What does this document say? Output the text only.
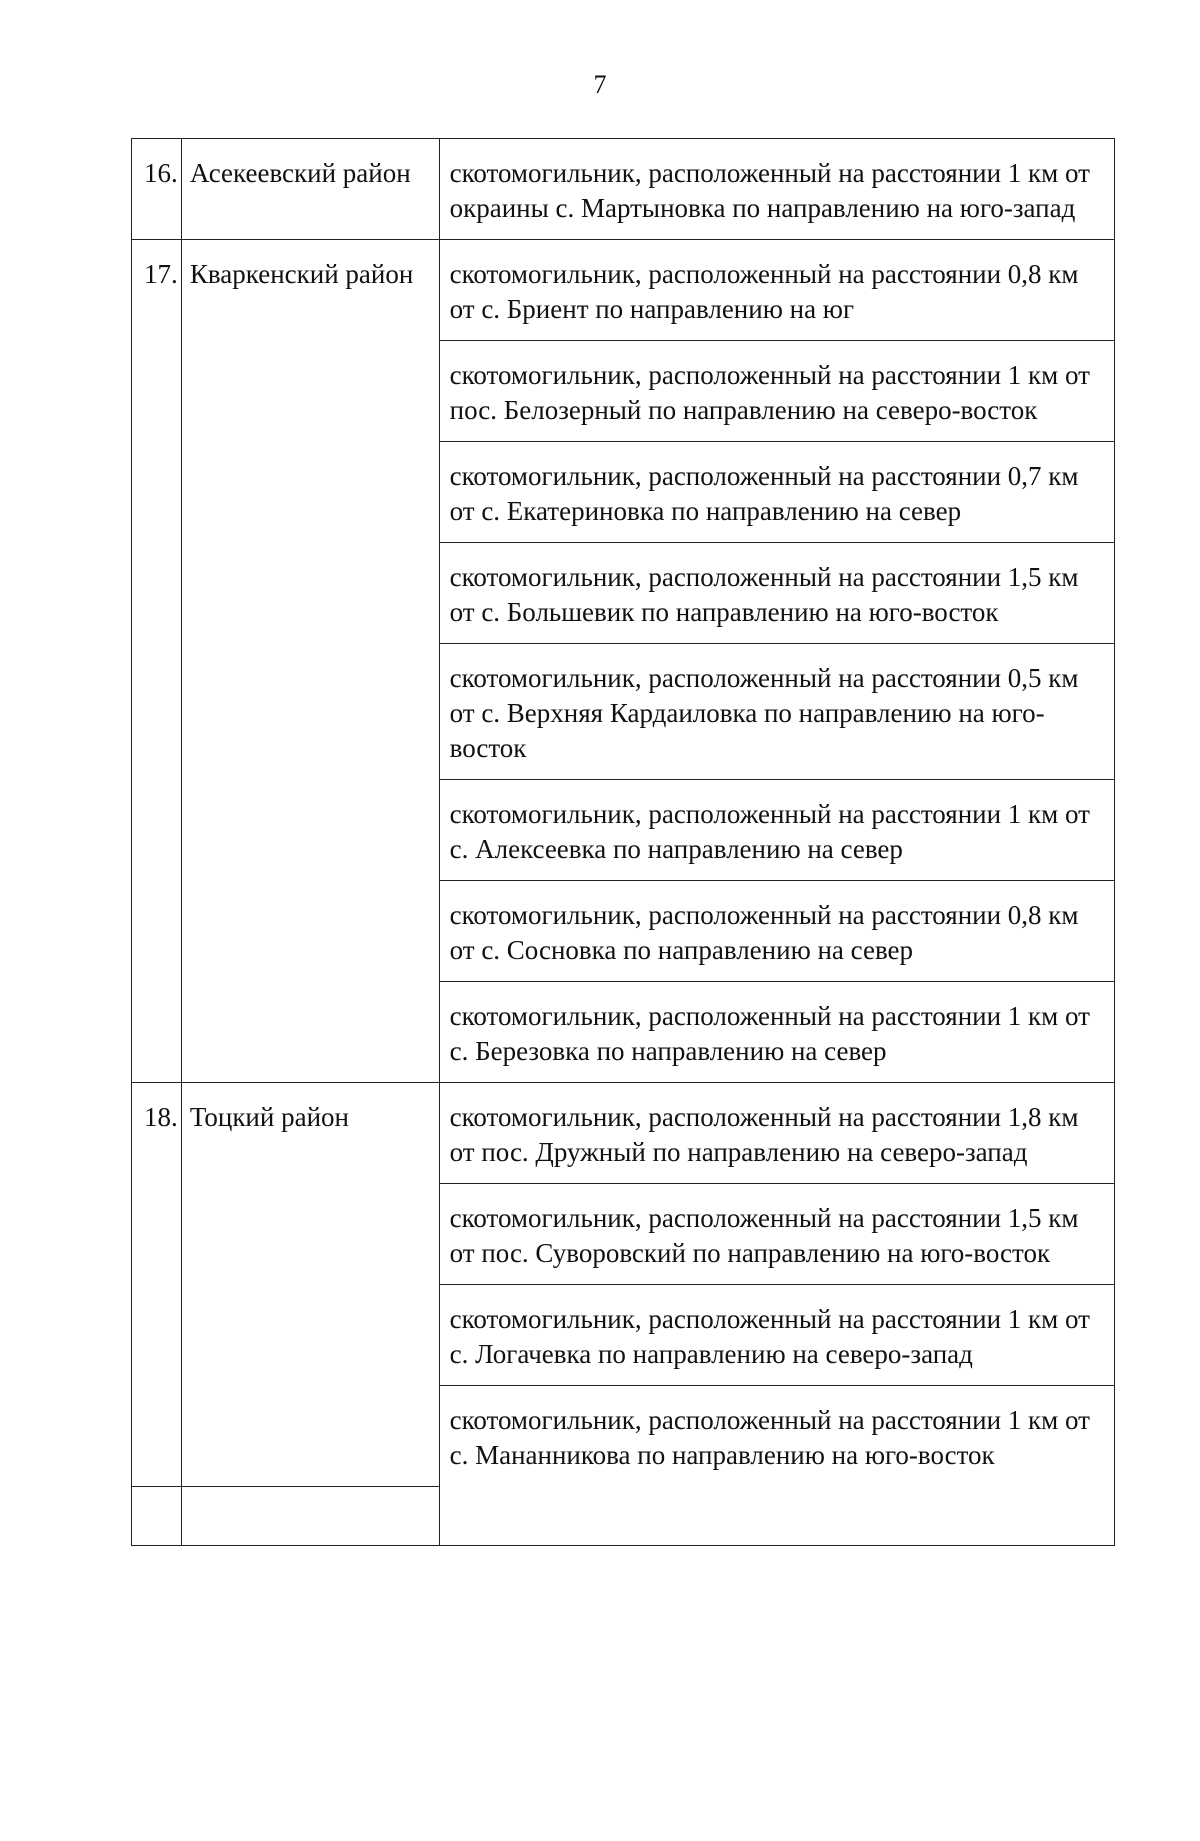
7
16.	Асекеевский район	скотомогильник, расположенный на расстоянии 1 км от окраины с. Мартыновка по направлению на юго-запад
17.	Кваркенский район	скотомогильник, расположенный на расстоянии 0,8 км от с. Бриент по направлению на юг
		скотомогильник, расположенный на расстоянии 1 км от пос. Белозерный по направлению на северо-восток
		скотомогильник, расположенный на расстоянии 0,7 км от с. Екатериновка по направлению на север
		скотомогильник, расположенный на расстоянии 1,5 км от с. Большевик по направлению на юго-восток
		скотомогильник, расположенный на расстоянии 0,5 км от с. Верхняя Кардаиловка по направлению на юго-восток
		скотомогильник, расположенный на расстоянии 1 км от с. Алексеевка по направлению на север
		скотомогильник, расположенный на расстоянии 0,8 км от с. Сосновка по направлению на север
		скотомогильник, расположенный на расстоянии 1 км от с. Березовка по направлению на север
18.	Тоцкий район	скотомогильник, расположенный на расстоянии 1,8 км от пос. Дружный по направлению на северо-запад
		скотомогильник, расположенный на расстоянии 1,5 км от пос. Суворовский по направлению на юго-восток
		скотомогильник, расположенный на расстоянии 1 км от с. Логачевка по направлению на северо-запад
		скотомогильник, расположенный на расстоянии 1 км от с. Мананникова по направлению на юго-восток
